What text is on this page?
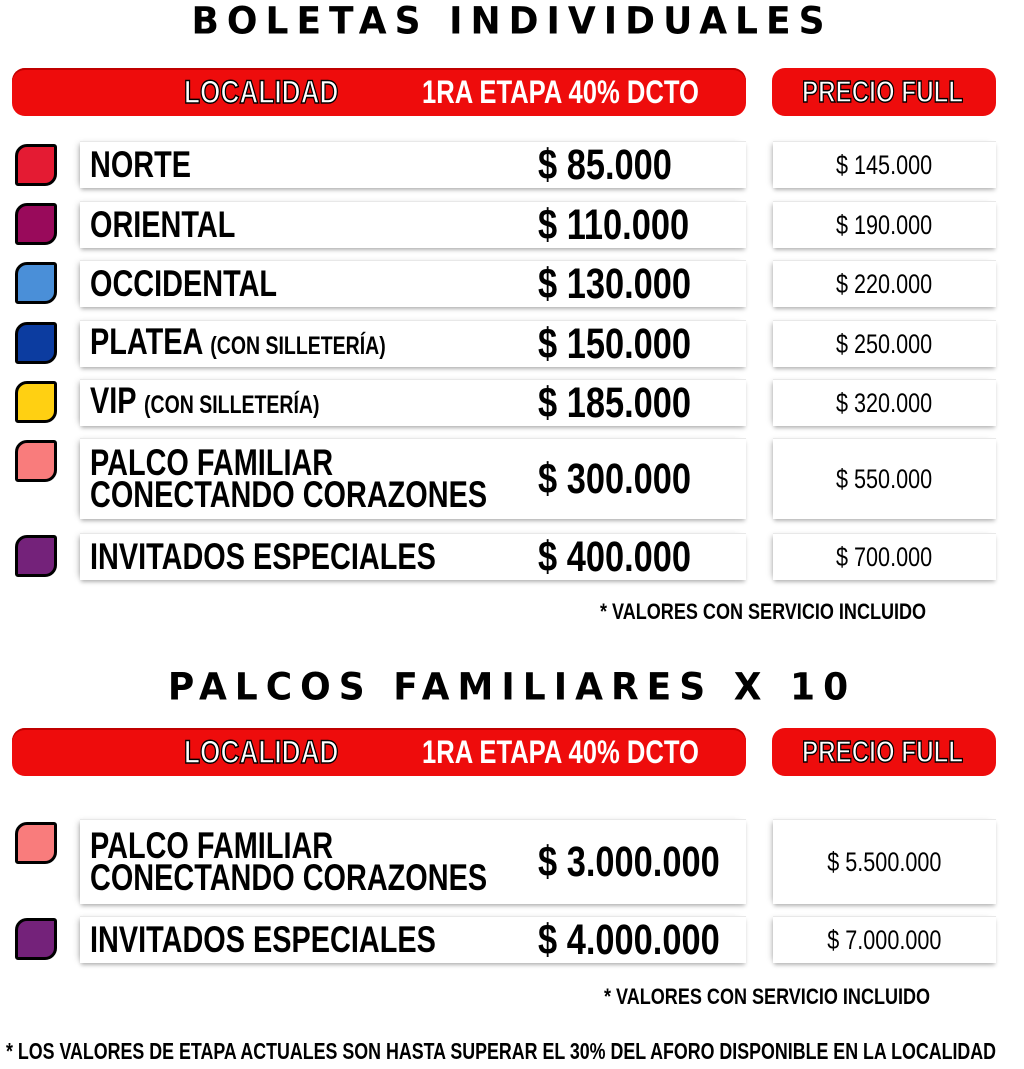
BOLETAS INDIVIDUALES
LOCALIDAD	1RA ETAPA 40% DCTO	PRECIO FULL
NORTE	$ 85.000	$ 145.000
ORIENTAL	$ 110.000	$ 190.000
OCCIDENTAL	$ 130.000	$ 220.000
PLATEA (CON SILLETERÍA)	$ 150.000	$ 250.000
VIP (CON SILLETERÍA)	$ 185.000	$ 320.000
PALCO FAMILIAR
CONECTANDO CORAZONES $ 300.000	$ 550.000
INVITADOS ESPECIALES $ 400.000	$ 700.000
* VALORES CON SERVICIO INCLUIDO
PALCOS FAMILIARES X 10
LOCALIDAD	1RA ETAPA 40% DCTO	PRECIO FULL
PALCO FAMILIAR
CONECTANDO CORAZONES $ 3.000.000	$ 5.500.000
INVITADOS ESPECIALES $ 4.000.000	$ 7.000.000
* VALORES CON SERVICIO INCLUIDO
* LOS VALORES DE ETAPA ACTUALES SON HASTA SUPERAR EL 30% DEL AFORO DISPONIBLE EN LA LOCALIDAD
